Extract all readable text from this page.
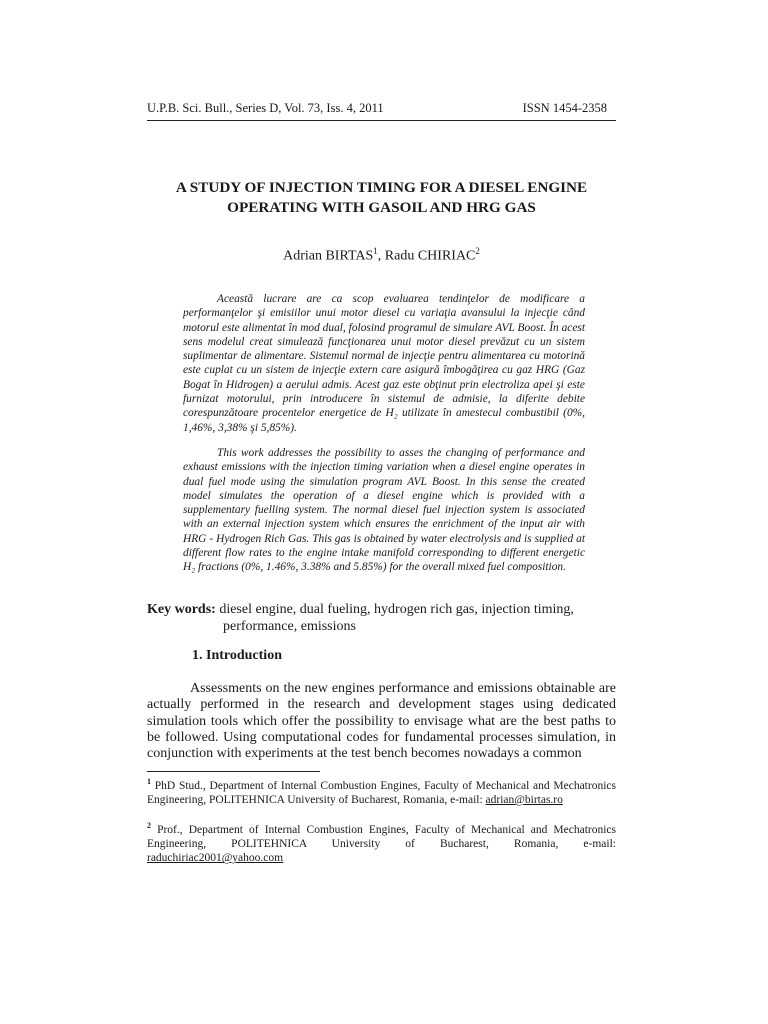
U.P.B. Sci. Bull., Series D, Vol. 73, Iss. 4, 2011	ISSN 1454-2358
A STUDY OF INJECTION TIMING FOR A DIESEL ENGINE
OPERATING WITH GASOIL AND HRG GAS
Adrian BIRTAS$^1$, Radu CHIRIAC$^2$

Această lucrare are ca scop evaluarea tendinţelor de modificare a performanţelor şi emisiilor unui motor diesel cu variaţia avansului la injecţie când motorul este alimentat în mod dual, folosind programul de simulare AVL Boost. În acest sens modelul creat simulează funcţionarea unui motor diesel prevăzut cu un sistem suplimentar de alimentare. Sistemul normal de injecţie pentru alimentarea cu motorină este cuplat cu un sistem de injecţie extern care asigură îmbogăţirea cu gaz HRG (Gaz Bogat în Hidrogen) a aerului admis. Acest gaz este obţinut prin electroliza apei şi este furnizat motorului, prin introducere în sistemul de admisie, la diferite debite corespunzătoare procentelor energetice de H₂ utilizate în amestecul combustibil (0%, 1,46%, 3,38% şi 5,85%).

This work addresses the possibility to asses the changing of performance and exhaust emissions with the injection timing variation when a diesel engine operates in dual fuel mode using the simulation program AVL Boost. In this sense the created model simulates the operation of a diesel engine which is provided with a supplementary fuelling system. The normal diesel fuel injection system is associated with an external injection system which ensures the enrichment of the input air with HRG - Hydrogen Rich Gas. This gas is obtained by water electrolysis and is supplied at different flow rates to the engine intake manifold corresponding to different energetic H₂ fractions (0%, 1.46%, 3.38% and 5.85%) for the overall mixed fuel composition.

Key words: diesel engine, dual fueling, hydrogen rich gas, injection timing,
performance, emissions
1. Introduction

Assessments on the new engines performance and emissions obtainable are actually performed in the research and development stages using dedicated simulation tools which offer the possibility to envisage what are the best paths to be followed. Using computational codes for fundamental processes simulation, in conjunction with experiments at the test bench becomes nowadays a common

$^1$ PhD Stud., Department of Internal Combustion Engines, Faculty of Mechanical and Mechatronics Engineering, POLITEHNICA University of Bucharest, Romania, e-mail: adrian@birtas.ro

$^2$ Prof., Department of Internal Combustion Engines, Faculty of Mechanical and Mechatronics Engineering, POLITEHNICA University of Bucharest, Romania, e-mail: raduchiriac2001@yahoo.com
